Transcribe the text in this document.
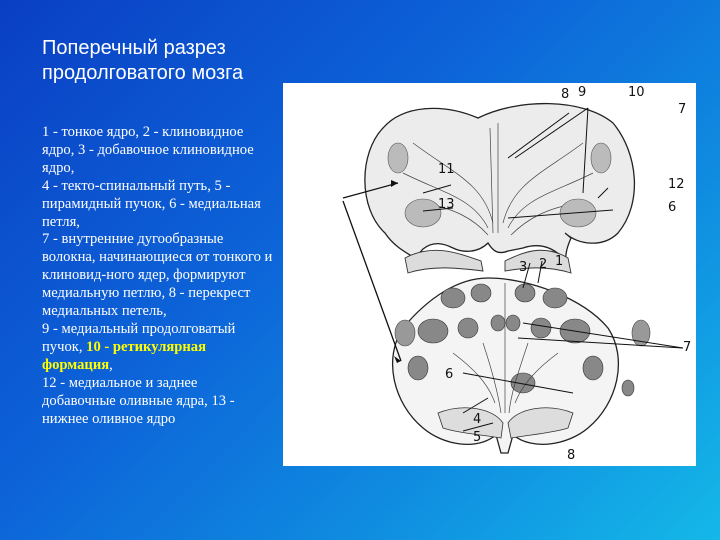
Поперечный разрез продолговатого мозга
1 - тонкое ядро, 2 - клиновидное ядро, 3 - добавочное клиновидное ядро,
4 - текто-спинальный путь, 5 - пирамидный пучок, 6 - медиальная петля,
7 - внутренние дугообразные волокна, начинающиеся от тонкого и клиновид-ного ядер, формируют медиальную петлю, 8 - перекрест медиальных петель,
9 - медиальный продолговатый пучок, 10 - ретикулярная формация,
12 - медиальное и заднее добавочные оливные ядра, 13 - нижнее оливное ядро
8 9	10
7
11
12
13	6
3 2 1
7
6
4
5
8
